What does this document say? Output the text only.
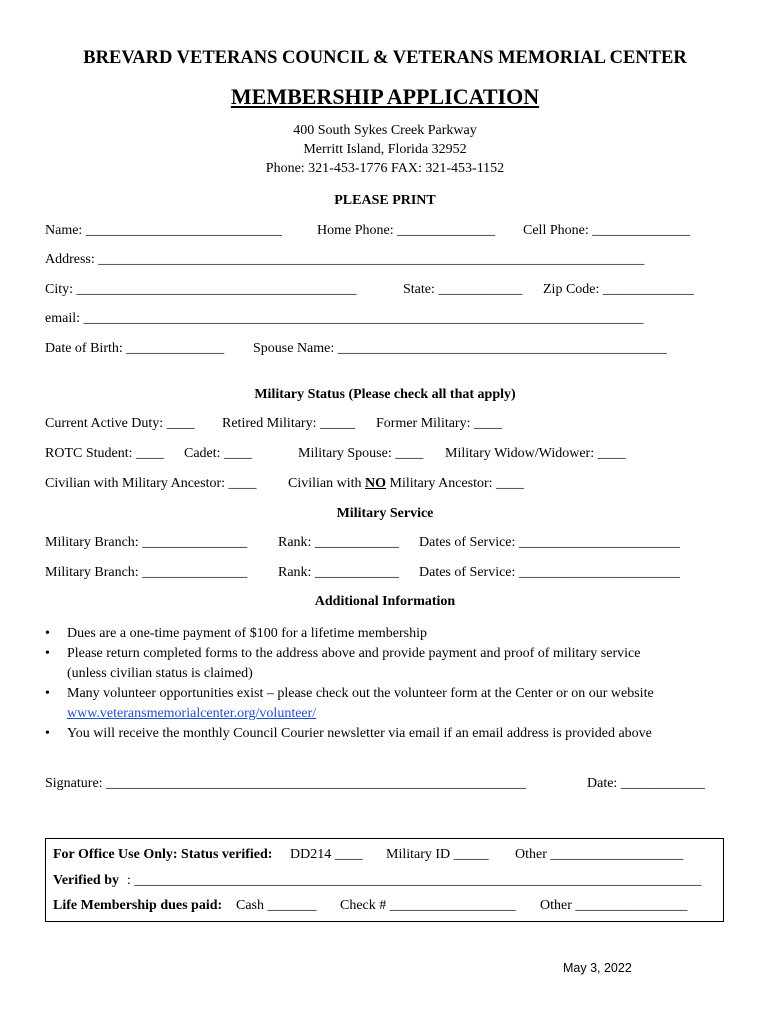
BREVARD VETERANS COUNCIL & VETERANS MEMORIAL CENTER
MEMBERSHIP APPLICATION
400 South Sykes Creek Parkway
Merritt Island, Florida 32952
Phone: 321-453-1776 FAX: 321-453-1152
PLEASE PRINT
Name: ____________________________	Home Phone: ______________ Cell Phone: ______________
Address: ______________________________________________________________________________
City: ________________________________________	State: ____________ Zip Code: _____________
email: ________________________________________________________________________________
Date of Birth: ______________ Spouse Name: _______________________________________________
Military Status (Please check all that apply)
Current Active Duty: ____ Retired Military: _____ Former Military: ____
ROTC Student: ____ Cadet: ____	Military Spouse: ____ Military Widow/Widower: ____
Civilian with Military Ancestor: ____ Civilian with NO Military Ancestor: ____
Military Service
Military Branch: _______________ Rank: ____________ Dates of Service: _______________________
Military Branch: _______________ Rank: ____________ Dates of Service: _______________________
Additional Information
• Dues are a one-time payment of $100 for a lifetime membership
• Please return completed forms to the address above and provide payment and proof of military service
(unless civilian status is claimed)
• Many volunteer opportunities exist – please check out the volunteer form at the Center or on our website
www.veteransmemorialcenter.org/volunteer/
• You will receive the monthly Council Courier newsletter via email if an email address is provided above
Signature: ____________________________________________________________	Date: ____________
For Office Use Only: Status verified: DD214 ____ Military ID _____ Other ___________________
Verified by : _________________________________________________________________________________
Life Membership dues paid: Cash _______ Check # __________________ Other ________________
May 3, 2022
